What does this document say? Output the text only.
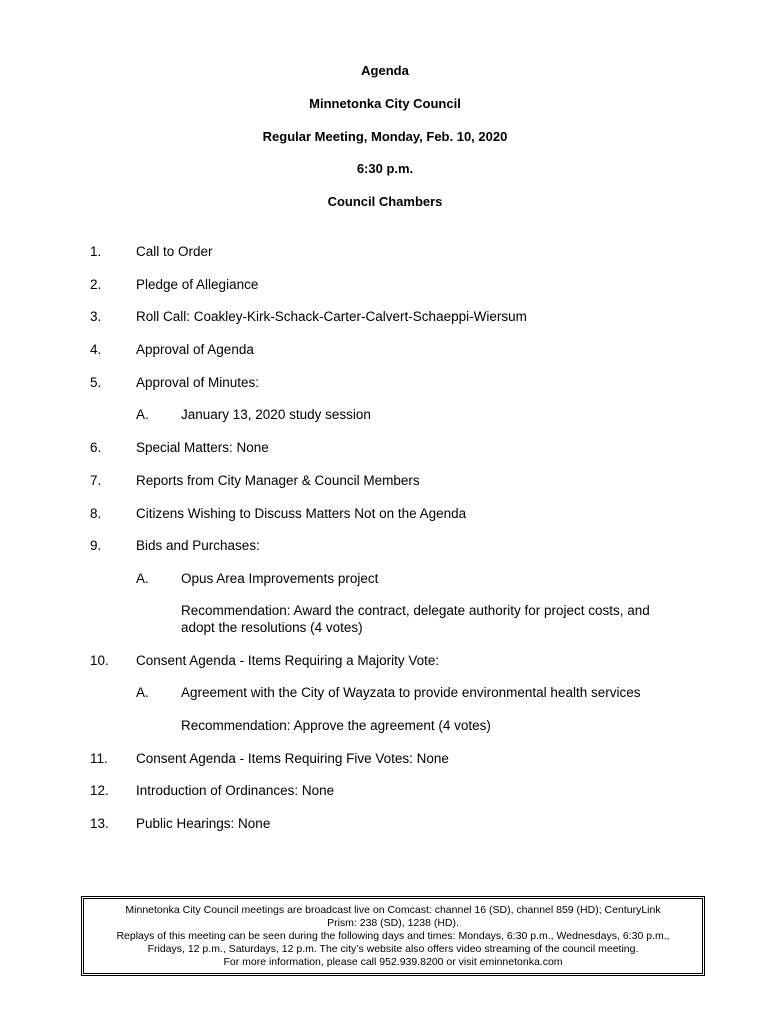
Agenda
Minnetonka City Council
Regular Meeting, Monday, Feb. 10, 2020
6:30 p.m.
Council Chambers
1.	Call to Order
2.	Pledge of Allegiance
3.	Roll Call: Coakley-Kirk-Schack-Carter-Calvert-Schaeppi-Wiersum
4.	Approval of Agenda
5.	Approval of Minutes:
A. January 13, 2020 study session
6.	Special Matters: None
7.	Reports from City Manager & Council Members
8.	Citizens Wishing to Discuss Matters Not on the Agenda
9.	Bids and Purchases:
A. Opus Area Improvements project
Recommendation: Award the contract, delegate authority for project costs, and adopt the resolutions (4 votes)
10. Consent Agenda - Items Requiring a Majority Vote:
A. Agreement with the City of Wayzata to provide environmental health services
Recommendation: Approve the agreement (4 votes)
11. Consent Agenda - Items Requiring Five Votes: None
12. Introduction of Ordinances: None
13. Public Hearings: None
Minnetonka City Council meetings are broadcast live on Comcast: channel 16 (SD), channel 859 (HD); CenturyLink
Prism: 238 (SD), 1238 (HD).
Replays of this meeting can be seen during the following days and times: Mondays, 6:30 p.m., Wednesdays, 6:30 p.m.,
Fridays, 12 p.m., Saturdays, 12 p.m. The city’s website also offers video streaming of the council meeting.
For more information, please call 952.939.8200 or visit eminnetonka.com
